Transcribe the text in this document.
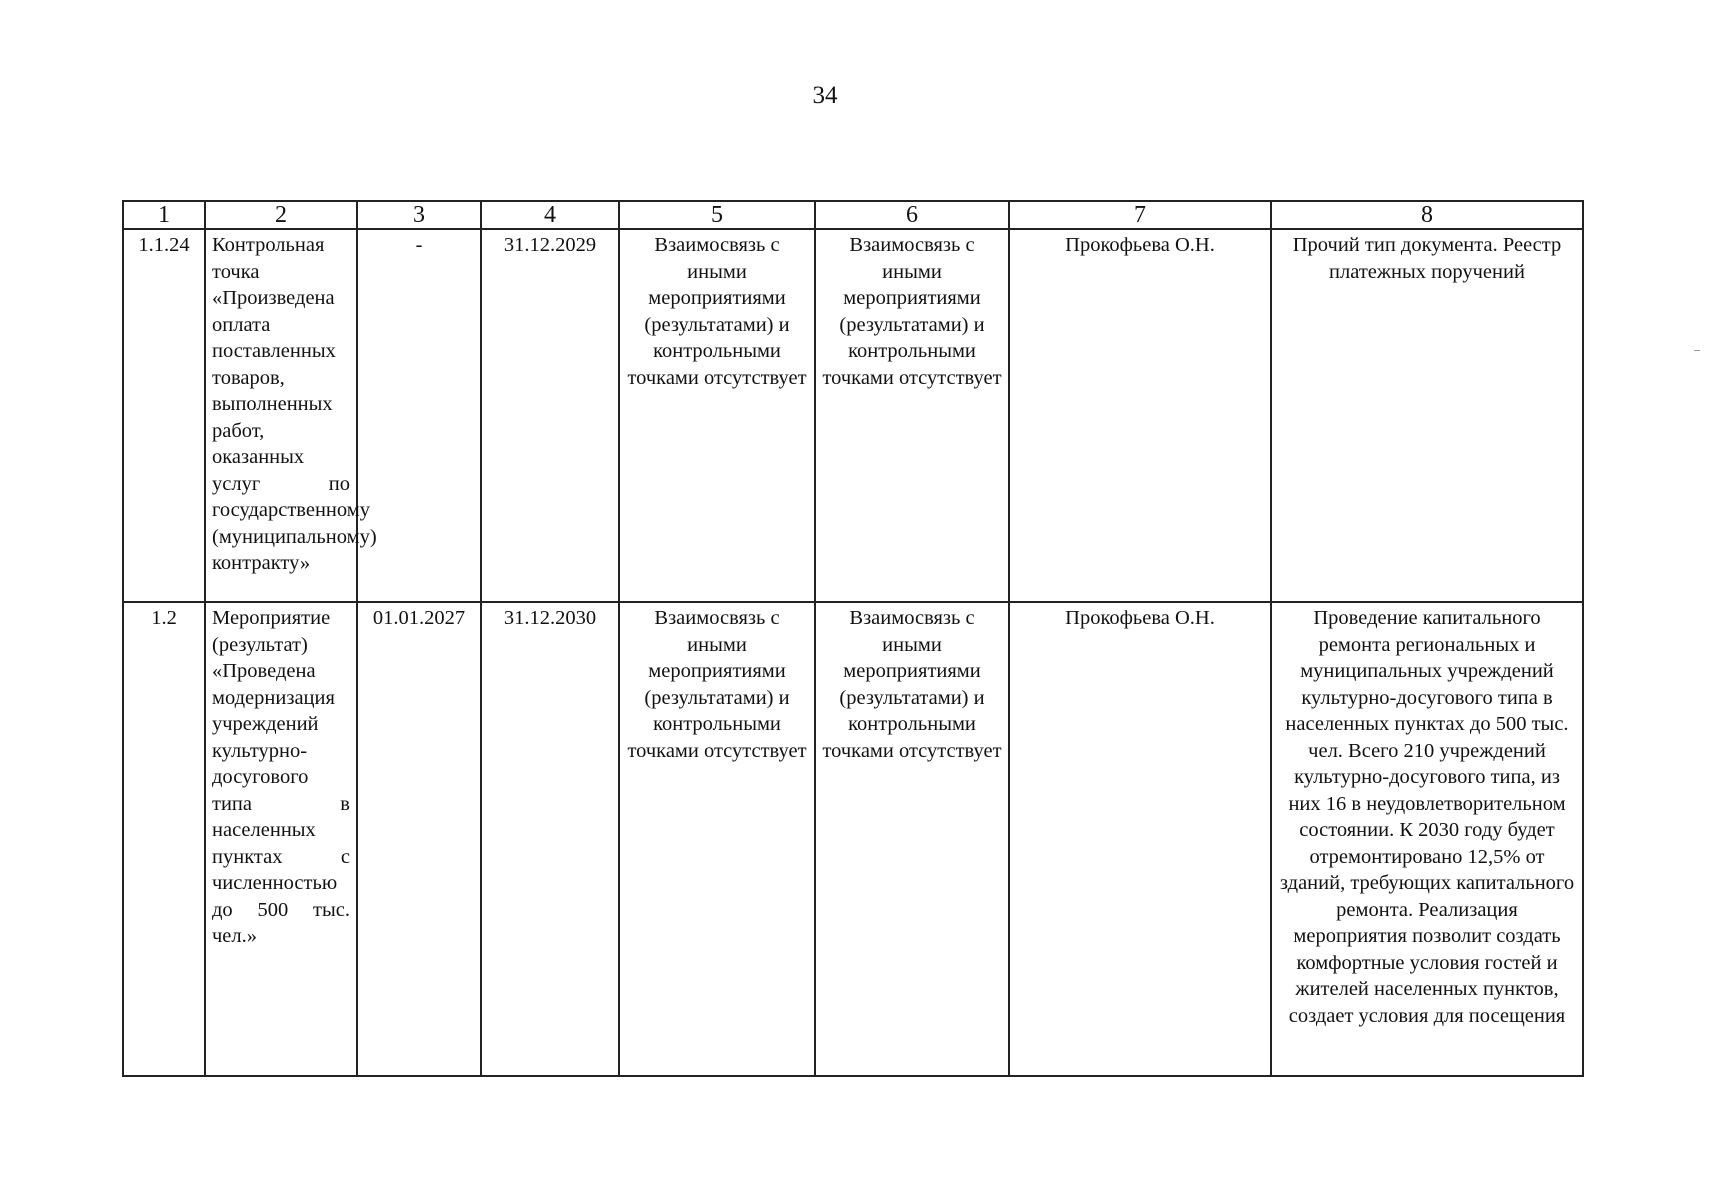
34
1	2	3	4	5	6	7	8
1.1.24	Контрольная точка «Произведена оплата поставленных товаров, выполненных работ, оказанных услуг по государственному (муниципальному) контракту»	-	31.12.2029	Взаимосвязь с иными мероприятиями (результатами) и контрольными точками отсутствует	Взаимосвязь с иными мероприятиями (результатами) и контрольными точками отсутствует	Прокофьева О.Н.	Прочий тип документа. Реестр платежных поручений
1.2	Мероприятие (результат) «Проведена модернизация учреждений культурно-досугового типа в населенных пунктах с численностью до 500 тыс. чел.»	01.01.2027	31.12.2030	Взаимосвязь с иными мероприятиями (результатами) и контрольными точками отсутствует	Взаимосвязь с иными мероприятиями (результатами) и контрольными точками отсутствует	Прокофьева О.Н.	Проведение капитального ремонта региональных и муниципальных учреждений культурно-досугового типа в населенных пунктах до 500 тыс. чел. Всего 210 учреждений культурно-досугового типа, из них 16 в неудовлетворительном состоянии. К 2030 году будет отремонтировано 12,5% от зданий, требующих капитального ремонта. Реализация мероприятия позволит создать комфортные условия гостей и жителей населенных пунктов, создает условия для посещения
